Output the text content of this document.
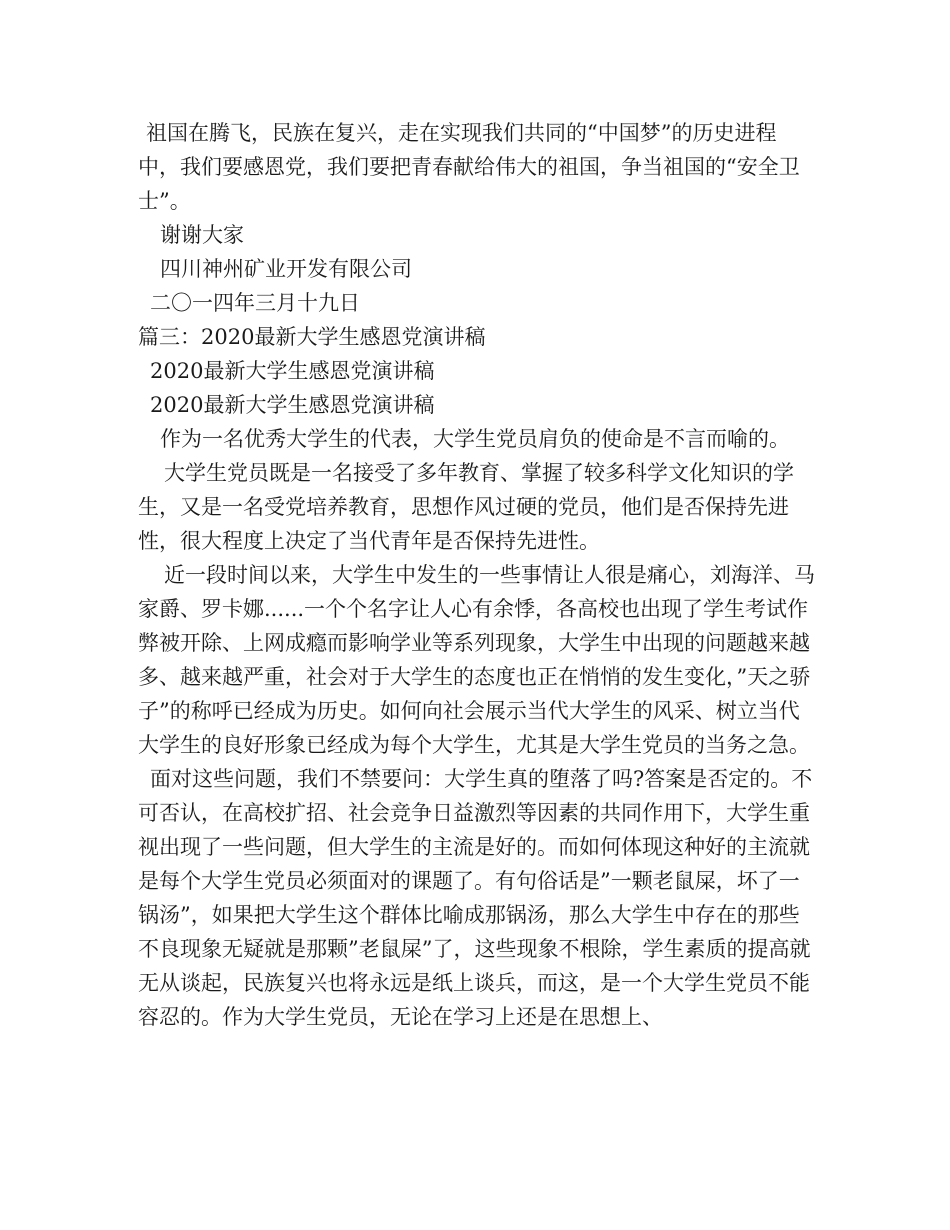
祖国在腾飞，民族在复兴，走在实现我们共同的“中国梦”的历史进程中，我们要感恩党，我们要把青春献给伟大的祖国，争当祖国的“安全卫士”。

谢谢大家

四川神州矿业开发有限公司

二〇一四年三月十九日

篇三：2020最新大学生感恩党演讲稿

2020最新大学生感恩党演讲稿

2020最新大学生感恩党演讲稿

作为一名优秀大学生的代表，大学生党员肩负的使命是不言而喻的。

大学生党员既是一名接受了多年教育、掌握了较多科学文化知识的学生，又是一名受党培养教育，思想作风过硬的党员，他们是否保持先进性，很大程度上决定了当代青年是否保持先进性。

近一段时间以来，大学生中发生的一些事情让人很是痛心，刘海洋、马家爵、罗卡娜......一个个名字让人心有余悸，各高校也出现了学生考试作弊被开除、上网成瘾而影响学业等系列现象，大学生中出现的问题越来越多、越来越严重，社会对于大学生的态度也正在悄悄的发生变化，”天之骄子”的称呼已经成为历史。如何向社会展示当代大学生的风采、树立当代大学生的良好形象已经成为每个大学生，尤其是大学生党员的当务之急。

面对这些问题，我们不禁要问：大学生真的堕落了吗?答案是否定的。不可否认，在高校扩招、社会竞争日益激烈等因素的共同作用下，大学生重视出现了一些问题，但大学生的主流是好的。而如何体现这种好的主流就是每个大学生党员必须面对的课题了。有句俗话是”一颗老鼠屎，坏了一锅汤”，如果把大学生这个群体比喻成那锅汤，那么大学生中存在的那些不良现象无疑就是那颗”老鼠屎”了，这些现象不根除，学生素质的提高就无从谈起，民族复兴也将永远是纸上谈兵，而这，是一个大学生党员不能容忍的。作为大学生党员，无论在学习上还是在思想上、
